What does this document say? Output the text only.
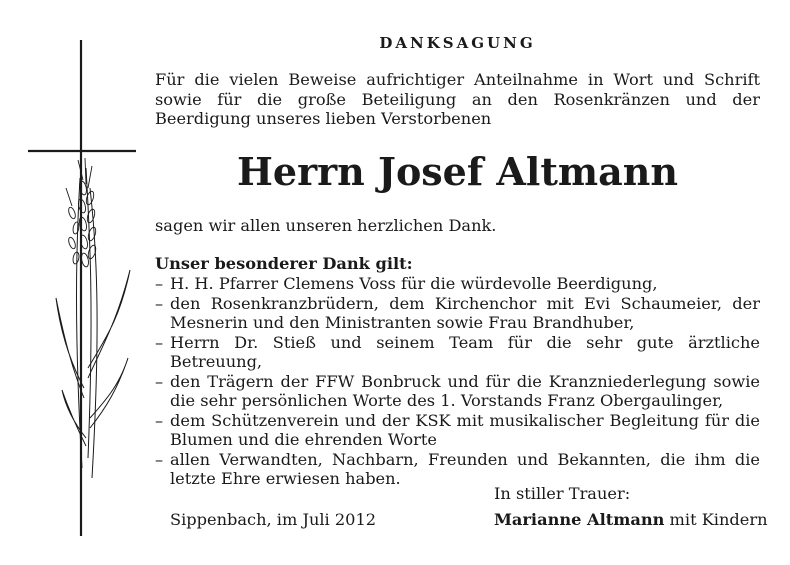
DANKSAGUNG
Für die vielen Beweise aufrichtiger Anteilnahme in Wort und Schrift sowie für die große Beteiligung an den Rosenkränzen und der Beerdigung unseres lieben Verstorbenen
Herrn Josef Altmann
sagen wir allen unseren herzlichen Dank.
Unser besonderer Dank gilt:
– H. H. Pfarrer Clemens Voss für die würdevolle Beerdigung,
– den Rosenkranzbrüdern, dem Kirchenchor mit Evi Schaumeier, der Mesnerin und den Ministranten sowie Frau Brandhuber,
– Herrn Dr. Stieß und seinem Team für die sehr gute ärztliche Betreuung,
– den Trägern der FFW Bonbruck und für die Kranzniederlegung sowie die sehr persönlichen Worte des 1. Vorstands Franz Obergaulinger,
– dem Schützenverein und der KSK mit musikalischer Begleitung für die Blumen und die ehrenden Worte
– allen Verwandten, Nachbarn, Freunden und Bekannten, die ihm die letzte Ehre erwiesen haben.
In stiller Trauer:
Sippenbach, im Juli 2012	Marianne Altmann mit Kindern
